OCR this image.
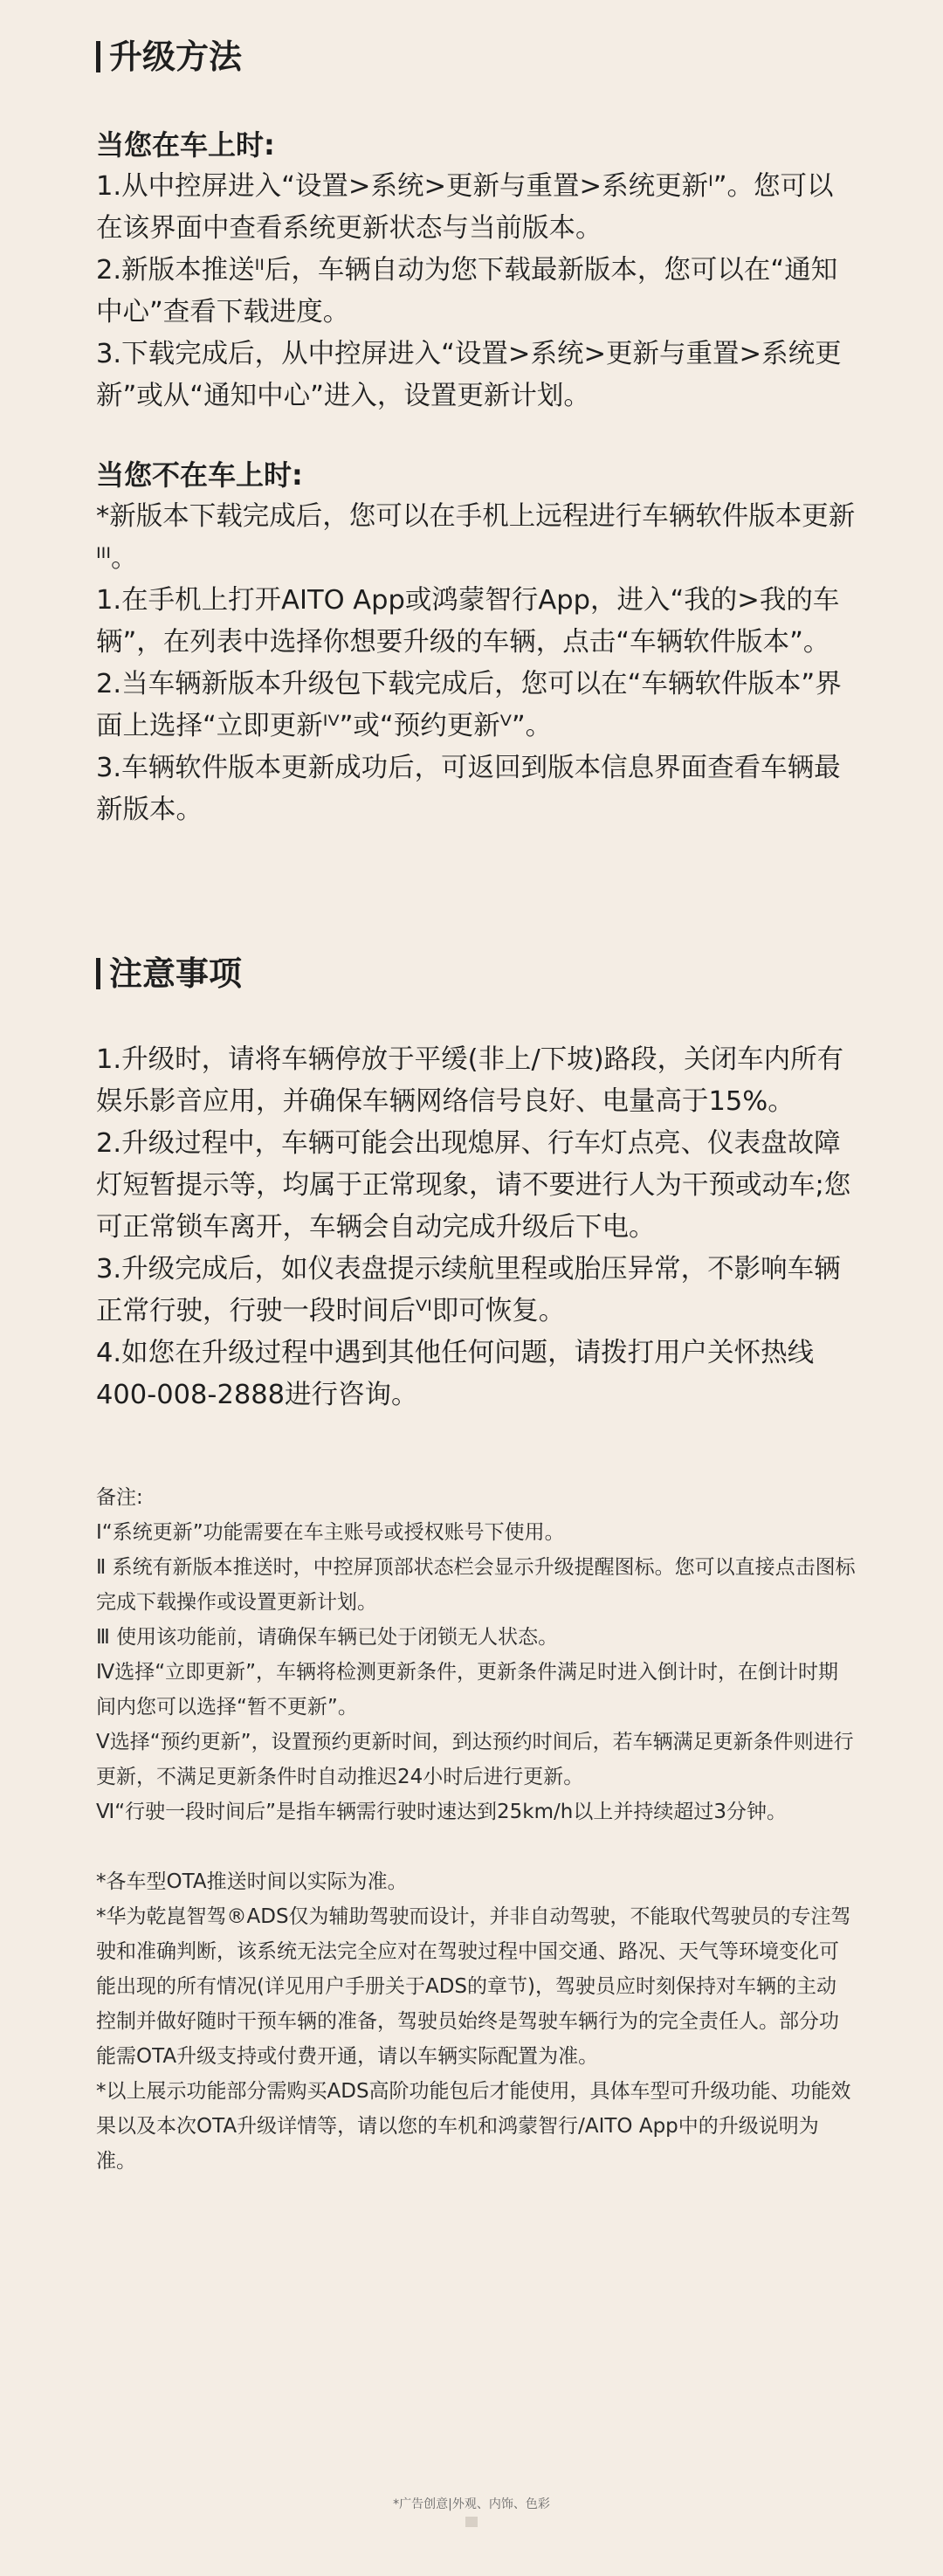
升级方法

当您在车上时:

1.从中控屏进入“设置>系统>更新与重置>系统更新ᴵ”。您可以在该界面中查看系统更新状态与当前版本。

2.新版本推送ᴵᴵ后，车辆自动为您下载最新版本，您可以在“通知中心”查看下载进度。

3.下载完成后，从中控屏进入“设置>系统>更新与重置>系统更新”或从“通知中心”进入，设置更新计划。

当您不在车上时:

*新版本下载完成后，您可以在手机上远程进行车辆软件版本更新ᴵᴵᴵ。

1.在手机上打开AITO App或鸿蒙智行App，进入“我的>我的车辆”，在列表中选择你想要升级的车辆，点击“车辆软件版本”。

2.当车辆新版本升级包下载完成后，您可以在“车辆软件版本”界面上选择“立即更新ᴵⱽ”或“预约更新ⱽ”。

3.车辆软件版本更新成功后，可返回到版本信息界面查看车辆最新版本。

注意事项

1.升级时，请将车辆停放于平缓(非上/下坡)路段，关闭车内所有娱乐影音应用，并确保车辆网络信号良好、电量高于15%。

2.升级过程中，车辆可能会出现熄屏、行车灯点亮、仪表盘故障灯短暂提示等，均属于正常现象，请不要进行人为干预或动车;您可正常锁车离开，车辆会自动完成升级后下电。

3.升级完成后，如仪表盘提示续航里程或胎压异常，不影响车辆正常行驶，行驶一段时间后ⱽᴵ即可恢复。

4.如您在升级过程中遇到其他任何问题，请拨打用户关怀热线400-008-2888进行咨询。

备注:

Ⅰ“系统更新”功能需要在车主账号或授权账号下使用。

Ⅱ 系统有新版本推送时，中控屏顶部状态栏会显示升级提醒图标。您可以直接点击图标完成下载操作或设置更新计划。

Ⅲ 使用该功能前，请确保车辆已处于闭锁无人状态。

Ⅳ选择“立即更新”，车辆将检测更新条件，更新条件满足时进入倒计时，在倒计时期间内您可以选择“暂不更新”。

Ⅴ选择“预约更新”，设置预约更新时间，到达预约时间后，若车辆满足更新条件则进行更新，不满足更新条件时自动推迟24小时后进行更新。

Ⅵ“行驶一段时间后”是指车辆需行驶时速达到25km/h以上并持续超过3分钟。

*各车型OTA推送时间以实际为准。

*华为乾崑智驾®ADS仅为辅助驾驶而设计，并非自动驾驶，不能取代驾驶员的专注驾驶和准确判断，该系统无法完全应对在驾驶过程中国交通、路况、天气等环境变化可能出现的所有情况(详见用户手册关于ADS的章节)，驾驶员应时刻保持对车辆的主动控制并做好随时干预车辆的准备，驾驶员始终是驾驶车辆行为的完全责任人。部分功能需OTA升级支持或付费开通，请以车辆实际配置为准。

*以上展示功能部分需购买ADS高阶功能包后才能使用，具体车型可升级功能、功能效果以及本次OTA升级详情等，请以您的车机和鸿蒙智行/AITO App中的升级说明为准。

*广告创意|外观、内饰、色彩
